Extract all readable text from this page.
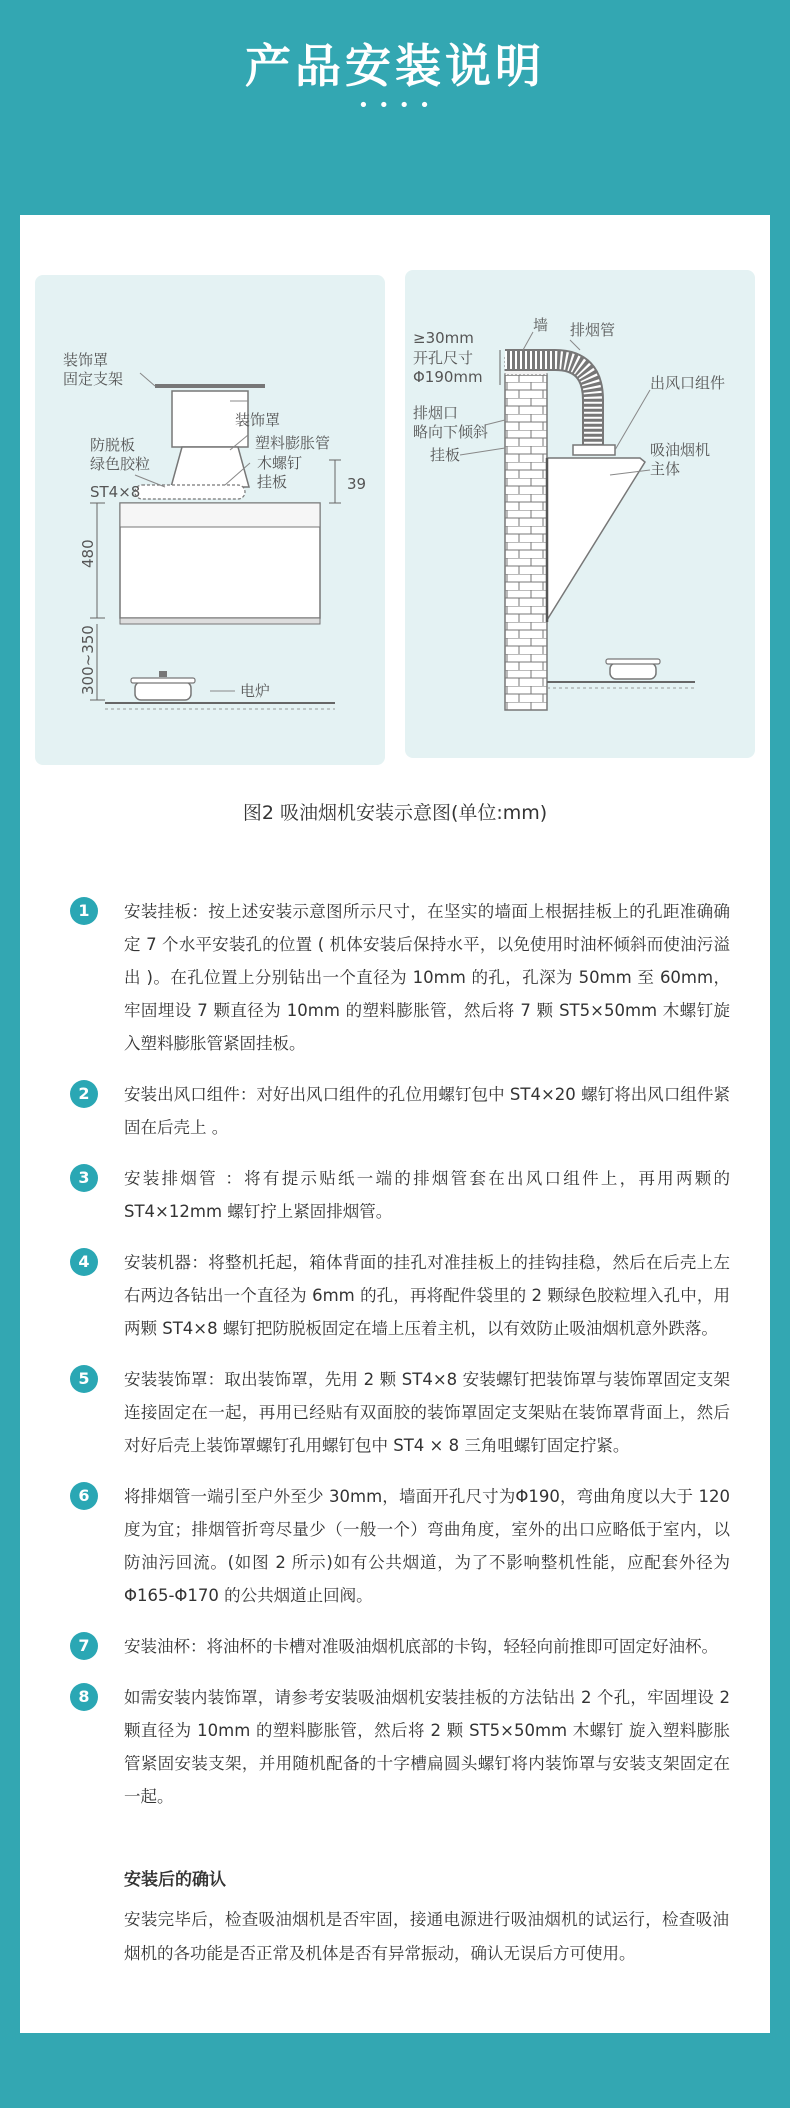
产品安装说明
• • • •
装饰罩固定支架
装饰罩
塑料膨胀管
防脱板绿色胶粒	木螺钉
挂板
ST4×8	39
480
300~350	电炉
墙 排烟管
≥30mm
开孔尺寸 Φ190mm	出风口组件
排烟口略向下倾斜
挂板	吸油烟机主体
图2 吸油烟机安装示意图(单位:mm)
1	安装挂板：按上述安装示意图所示尺寸，在坚实的墙面上根据挂板上的孔距准确确定 7 个水平安装孔的位置 ( 机体安装后保持水平，以免使用时油杯倾斜而使油污溢出 )。在孔位置上分别钻出一个直径为 10mm 的孔，孔深为 50mm 至 60mm，牢固埋设 7 颗直径为 10mm 的塑料膨胀管，然后将 7 颗 ST5×50mm 木螺钉旋入塑料膨胀管紧固挂板。
2	安装出风口组件：对好出风口组件的孔位用螺钉包中 ST4×20 螺钉将出风口组件紧固在后壳上 。
3	安装排烟管 ：将有提示贴纸一端的排烟管套在出风口组件上，再用两颗的 ST4×12mm 螺钉拧上紧固排烟管。
4	安装机器：将整机托起，箱体背面的挂孔对准挂板上的挂钩挂稳，然后在后壳上左右两边各钻出一个直径为 6mm 的孔，再将配件袋里的 2 颗绿色胶粒埋入孔中，用两颗 ST4×8 螺钉把防脱板固定在墙上压着主机，以有效防止吸油烟机意外跌落。
5	安装装饰罩：取出装饰罩，先用 2 颗 ST4×8 安装螺钉把装饰罩与装饰罩固定支架连接固定在一起，再用已经贴有双面胶的装饰罩固定支架贴在装饰罩背面上，然后对好后壳上装饰罩螺钉孔用螺钉包中 ST4 × 8 三角咀螺钉固定拧紧。
6	将排烟管一端引至户外至少 30mm，墙面开孔尺寸为Φ190，弯曲角度以大于 120 度为宜；排烟管折弯尽量少（一般一个）弯曲角度，室外的出口应略低于室内，以防油污回流。(如图 2 所示)如有公共烟道，为了不影响整机性能，应配套外径为Φ165-Φ170 的公共烟道止回阀。
7	安装油杯：将油杯的卡槽对准吸油烟机底部的卡钩，轻轻向前推即可固定好油杯。
8	如需安装内装饰罩，请参考安装吸油烟机安装挂板的方法钻出 2 个孔，牢固埋设 2 颗直径为 10mm 的塑料膨胀管，然后将 2 颗 ST5×50mm 木螺钉 旋入塑料膨胀管紧固安装支架，并用随机配备的十字槽扁圆头螺钉将内装饰罩与安装支架固定在一起。
安装后的确认
安装完毕后，检查吸油烟机是否牢固，接通电源进行吸油烟机的试运行，检查吸油烟机的各功能是否正常及机体是否有异常振动，确认无误后方可使用。
